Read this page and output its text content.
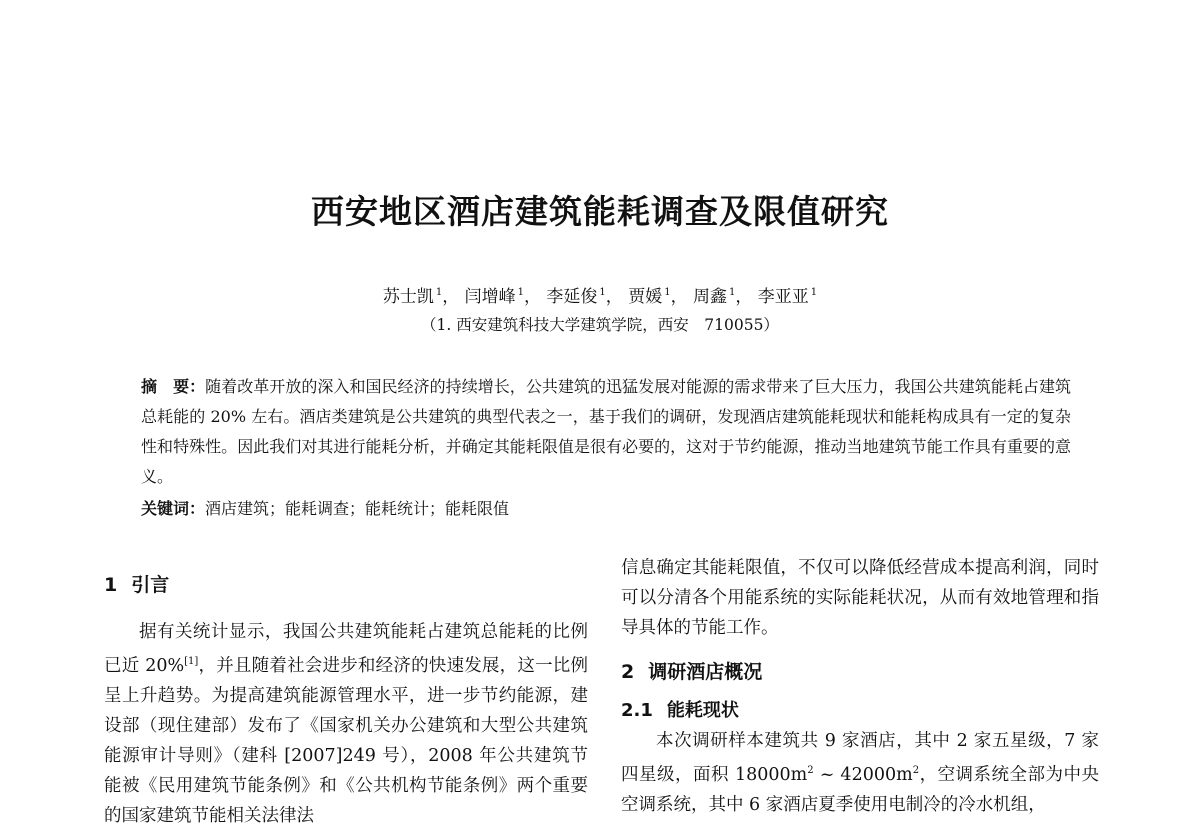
西安地区酒店建筑能耗调查及限值研究
苏士凯 $^1$， 闫增峰 $^1$， 李延俊 $^1$， 贾媛 $^1$， 周鑫 $^1$， 李亚亚 $^1$
（1. 西安建筑科技大学建筑学院，西安　710055）
摘　要：随着改革开放的深入和国民经济的持续增长，公共建筑的迅猛发展对能源的需求带来了巨大压力，我国公共建筑能耗占建筑总耗能的 20% 左右。酒店类建筑是公共建筑的典型代表之一，基于我们的调研，发现酒店建筑能耗现状和能耗构成具有一定的复杂性和特殊性。因此我们对其进行能耗分析，并确定其能耗限值是很有必要的，这对于节约能源，推动当地建筑节能工作具有重要的意义。
关键词：酒店建筑；能耗调查；能耗统计；能耗限值
1 引言

据有关统计显示，我国公共建筑能耗占建筑总能耗的比例已近 20%[1]，并且随着社会进步和经济的快速发展，这一比例呈上升趋势。为提高建筑能源管理水平，进一步节约能源，建设部（现住建部）发布了《国家机关办公建筑和大型公共建筑能源审计导则》（建科 [2007]249 号），2008 年公共建筑节能被《民用建筑节能条例》和《公共机构节能条例》两个重要的国家建筑节能相关法律法

信息确定其能耗限值，不仅可以降低经营成本提高利润，同时可以分清各个用能系统的实际能耗状况，从而有效地管理和指导具体的节能工作。

2 调研酒店概况
2.1 能耗现状

本次调研样本建筑共 9 家酒店，其中 2 家五星级，7 家四星级，面积 $18000m^2$ ~ $42000m^2$，空调系统全部为中央空调系统，其中 6 家酒店夏季使用电制冷的冷水机组，
